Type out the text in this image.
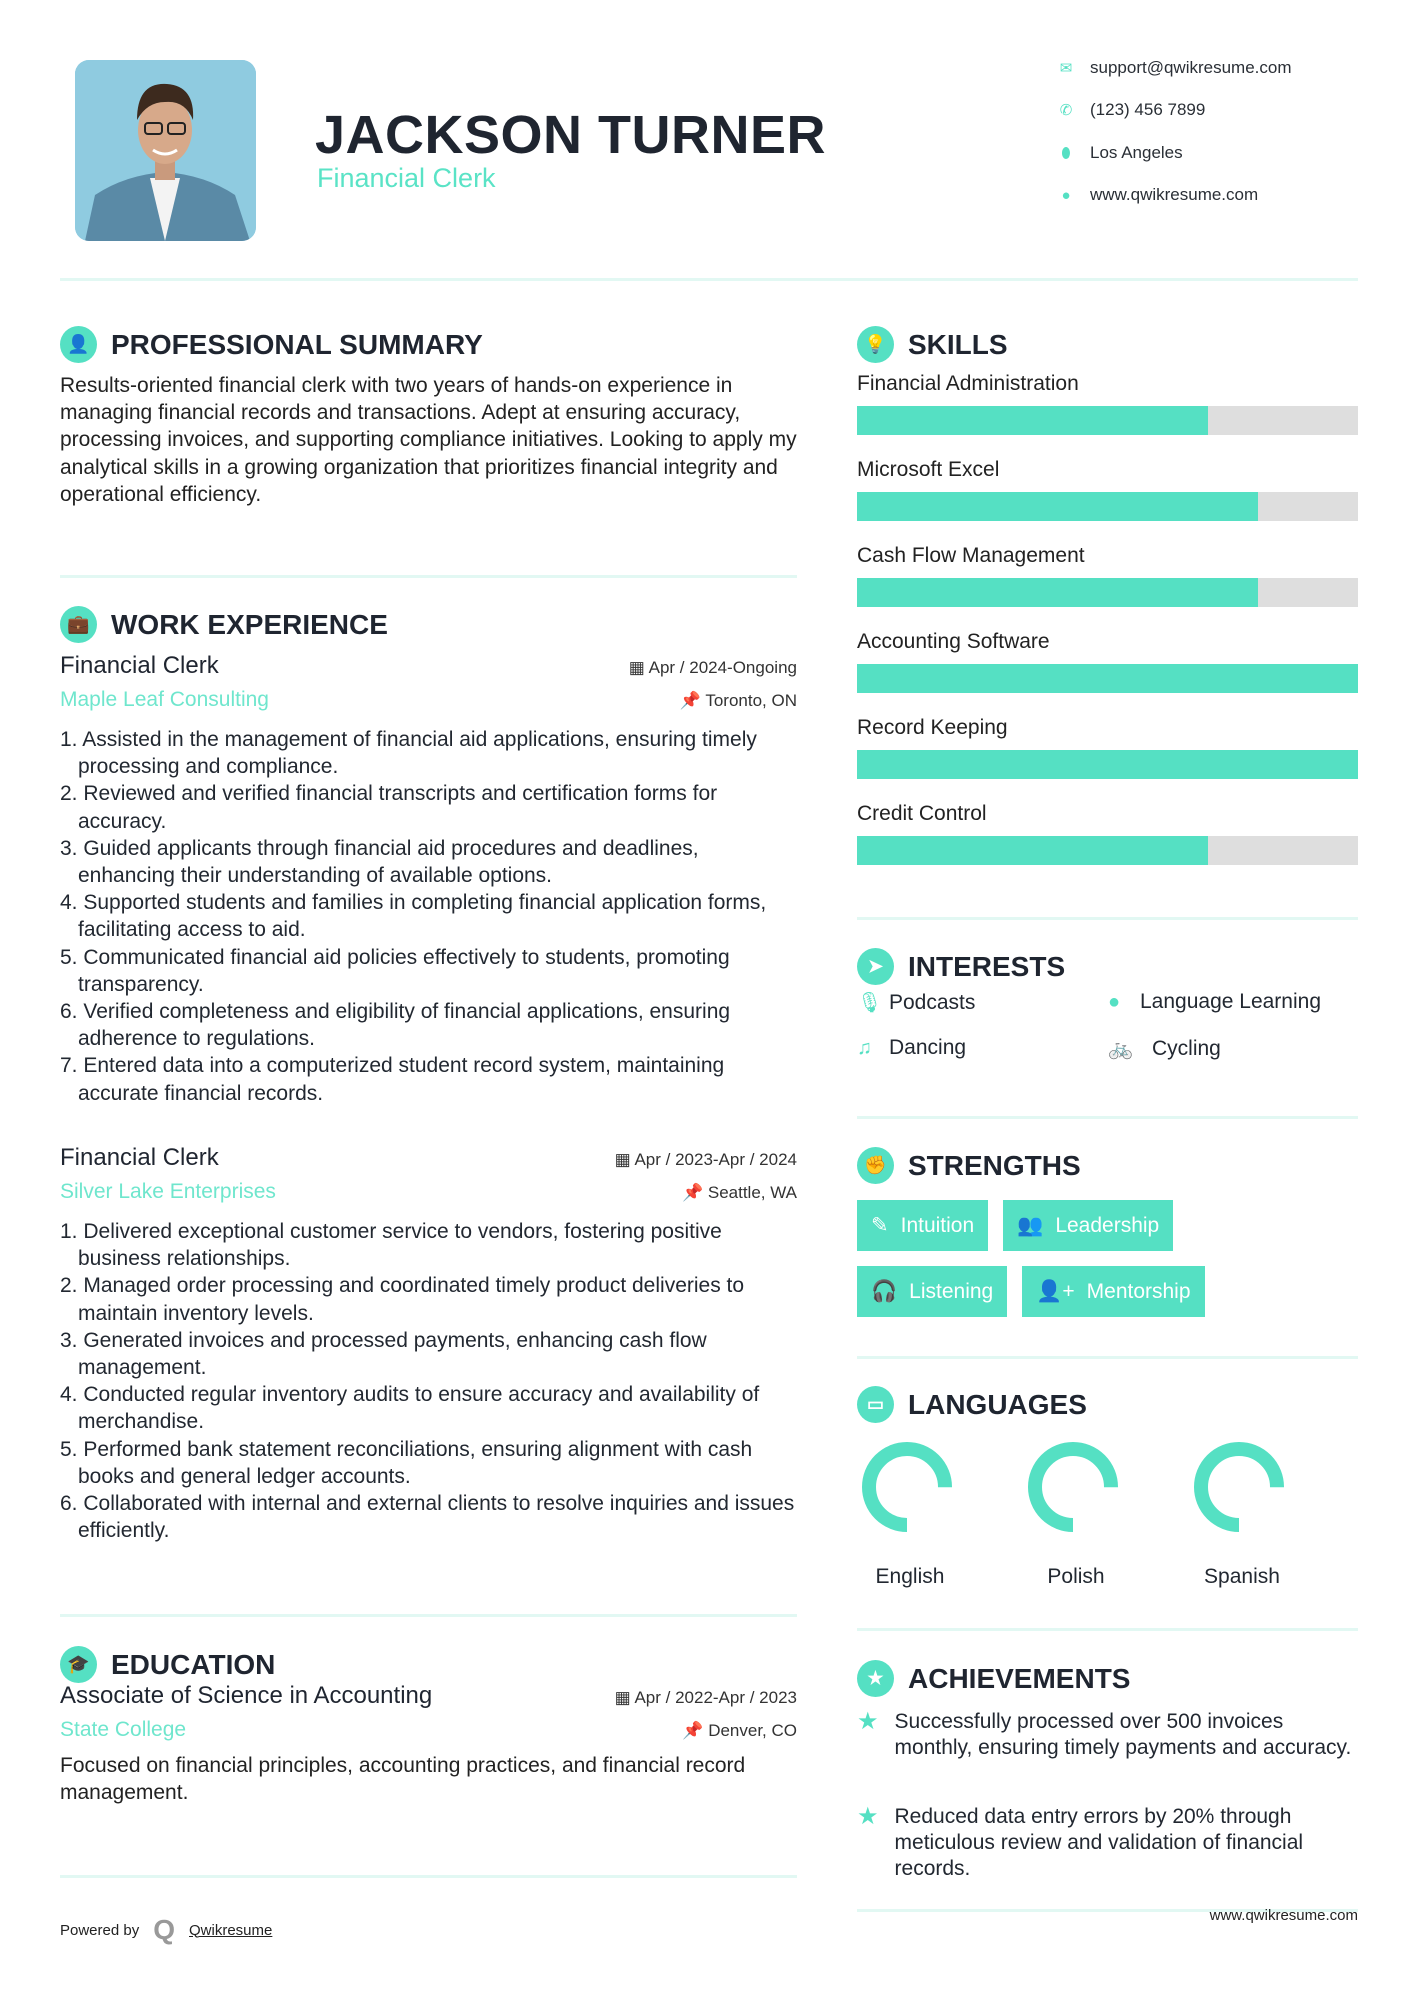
JACKSON TURNER
Financial Clerk
✉ support@qwikresume.com
✆ (123) 456 7899
⬮ Los Angeles
● www.qwikresume.com
👤 PROFESSIONAL SUMMARY
Results-oriented financial clerk with two years of hands-on experience in managing financial records and transactions. Adept at ensuring accuracy, processing invoices, and supporting compliance initiatives. Looking to apply my analytical skills in a growing organization that prioritizes financial integrity and operational efficiency.
💼 WORK EXPERIENCE
Financial Clerk	▦ Apr / 2024-Ongoing
Maple Leaf Consulting	📌 Toronto, ON
1. Assisted in the management of financial aid applications, ensuring timely processing and compliance.
2. Reviewed and verified financial transcripts and certification forms for accuracy.
3. Guided applicants through financial aid procedures and deadlines, enhancing their understanding of available options.
4. Supported students and families in completing financial application forms, facilitating access to aid.
5. Communicated financial aid policies effectively to students, promoting transparency.
6. Verified completeness and eligibility of financial applications, ensuring adherence to regulations.
7. Entered data into a computerized student record system, maintaining accurate financial records.
Financial Clerk	▦ Apr / 2023-Apr / 2024
Silver Lake Enterprises	📌 Seattle, WA
1. Delivered exceptional customer service to vendors, fostering positive business relationships.
2. Managed order processing and coordinated timely product deliveries to maintain inventory levels.
3. Generated invoices and processed payments, enhancing cash flow management.
4. Conducted regular inventory audits to ensure accuracy and availability of merchandise.
5. Performed bank statement reconciliations, ensuring alignment with cash books and general ledger accounts.
6. Collaborated with internal and external clients to resolve inquiries and issues efficiently.
🎓 EDUCATION
Associate of Science in Accounting	▦ Apr / 2022-Apr / 2023
State College	📌 Denver, CO
Focused on financial principles, accounting practices, and financial record management.
Powered by Q Qwikresume
www.qwikresume.com
💡 SKILLS
Financial Administration
Microsoft Excel
Cash Flow Management
Accounting Software
Record Keeping
Credit Control
➤ INTERESTS
🎙 Podcasts	● Language Learning
♫ Dancing	🚲 Cycling
✊ STRENGTHS
✎ Intuition 👥 Leadership
🎧 Listening 👤+ Mentorship
▭ LANGUAGES
English	Polish	Spanish
★ ACHIEVEMENTS
★ Successfully processed over 500 invoices monthly, ensuring timely payments and accuracy.
★ Reduced data entry errors by 20% through meticulous review and validation of financial records.
